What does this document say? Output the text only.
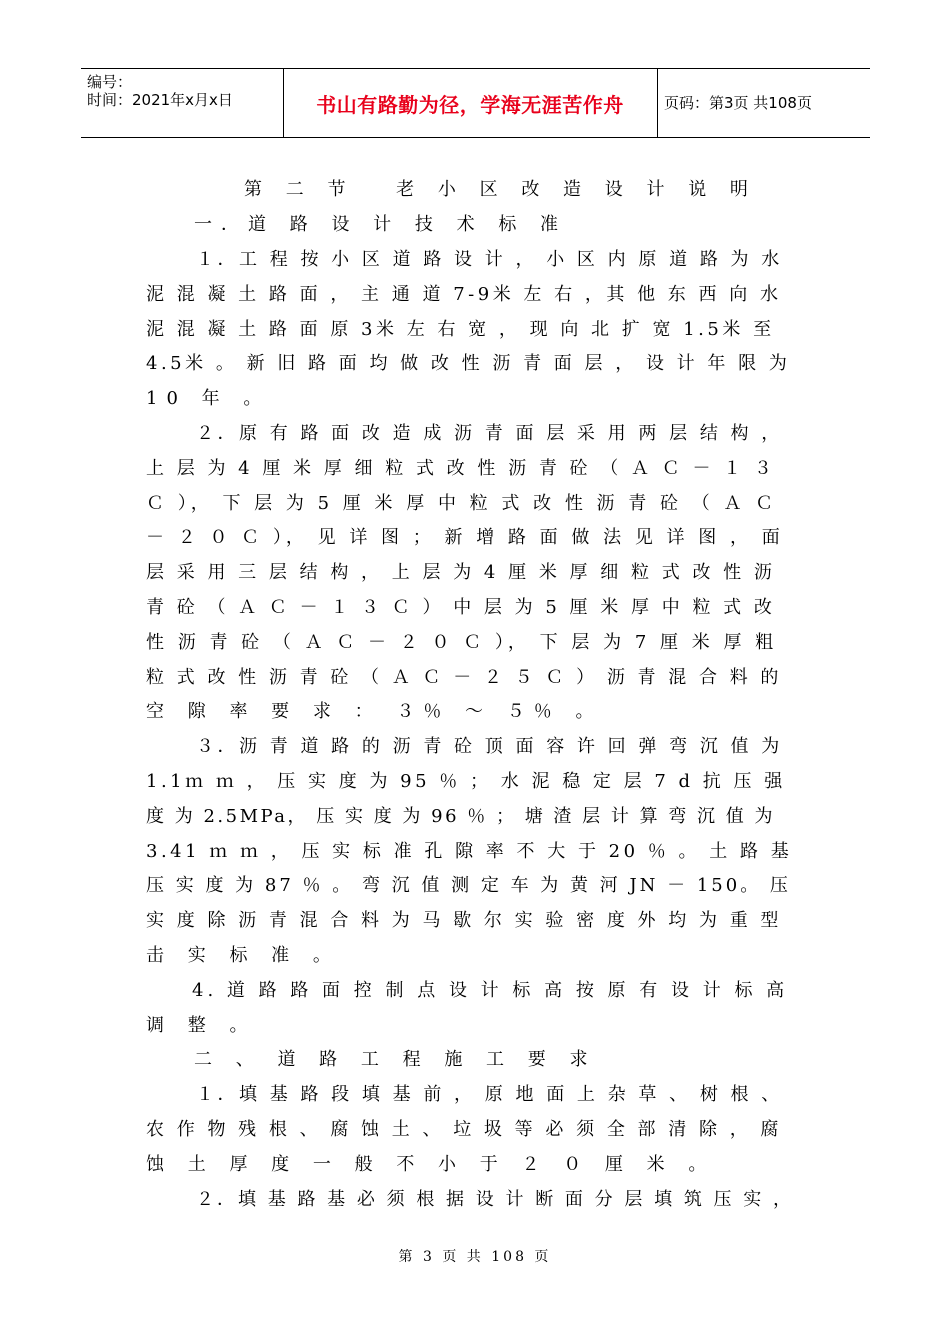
编号：
时间：2021年x月x日	书山有路勤为径，学海无涯苦作舟	页码：第3页 共108页
第 二 节　 老 小 区 改 造 设 计 说 明
一．道 路 设 计 技 术 标 准
１．工 程 按 小 区 道 路 设 计 ， 小 区 内 原 道 路 为 水
泥 混 凝 土 路 面 ， 主 通 道 7-9米 左 右 ，其 他 东 西 向 水
泥 混 凝 土 路 面 原 3米 左 右 宽 ， 现 向 北 扩 宽 1.5米 至
4.5米 。 新 旧 路 面 均 做 改 性 沥 青 面 层 ， 设 计 年 限 为
10 年 。
２．原 有 路 面 改 造 成 沥 青 面 层 采 用 两 层 结 构 ，
上 层 为 4 厘 米 厚 细 粒 式 改 性 沥 青 砼 （ Ａ Ｃ － １ ３
Ｃ ）， 下 层 为 5 厘 米 厚 中 粒 式 改 性 沥 青 砼 （ Ａ Ｃ
－ ２ ０ Ｃ ）， 见 详 图 ； 新 增 路 面 做 法 见 详 图 ， 面
层 采 用 三 层 结 构 ， 上 层 为 4 厘 米 厚 细 粒 式 改 性 沥
青 砼 （ Ａ Ｃ － １ ３ Ｃ ） 中 层 为 5 厘 米 厚 中 粒 式 改
性 沥 青 砼 （ Ａ Ｃ － ２ ０ Ｃ ）， 下 层 为 7 厘 米 厚 粗
粒 式 改 性 沥 青 砼 （ Ａ Ｃ － ２ ５ Ｃ ） 沥 青 混 合 料 的
空 隙 率 要 求 ： ３％ ～ ５％ 。
３．沥 青 道 路 的 沥 青 砼 顶 面 容 许 回 弹 弯 沉 值 为
1.1ｍ ｍ ， 压 实 度 为 95 ％ ； 水 泥 稳 定 层 7 d 抗 压 强
度 为 2.5MPa， 压 实 度 为 96 ％ ； 塘 渣 层 计 算 弯 沉 值 为
3.41 ｍ ｍ ， 压 实 标 准 孔 隙 率 不 大 于 20 ％ 。 土 路 基
压 实 度 为 87 ％ 。 弯 沉 值 测 定 车 为 黄 河 JN － 150。 压
实 度 除 沥 青 混 合 料 为 马 歇 尔 实 验 密 度 外 均 为 重 型
击 实 标 准 。
4. 道 路 路 面 控 制 点 设 计 标 高 按 原 有 设 计 标 高
调 整 。
二 、 道 路 工 程 施 工 要 求
１．填 基 路 段 填 基 前 ， 原 地 面 上 杂 草 、 树 根 、
农 作 物 残 根 、 腐 蚀 土 、 垃 圾 等 必 须 全 部 清 除 ， 腐
蚀 土 厚 度 一 般 不 小 于 ２ ０ 厘 米 。
２．填 基 路 基 必 须 根 据 设 计 断 面 分 层 填 筑 压 实 ，
第 3 页 共 108 页
